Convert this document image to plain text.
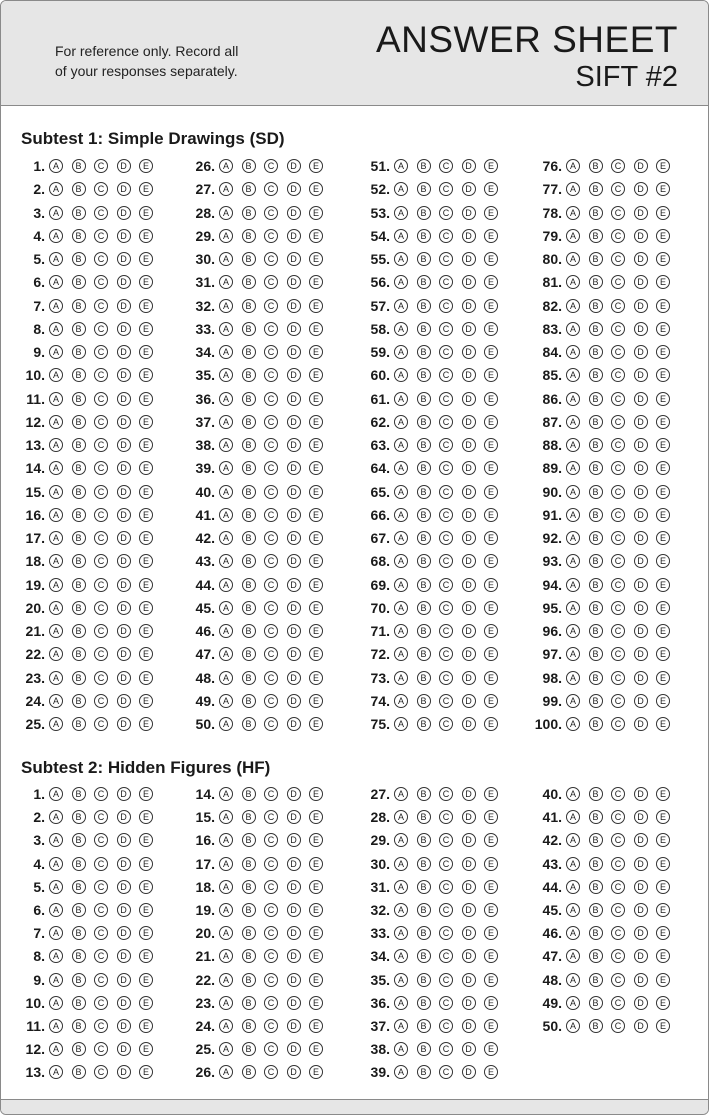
For reference only. Record all
of your responses separately.
ANSWER SHEET
SIFT #2
Subtest 1: Simple Drawings (SD)
1. A	B	C	D	E
2. A	B	C	D	E
3. A	B	C	D	E
4. A	B	C	D	E
5. A	B	C	D	E
6. A	B	C	D	E
7. A	B	C	D	E
8. A	B	C	D	E
9. A	B	C	D	E
10. A	B	C	D	E
11. A	B	C	D	E
12. A	B	C	D	E
13. A	B	C	D	E
14. A	B	C	D	E
15. A	B	C	D	E
16. A	B	C	D	E
17. A	B	C	D	E
18. A	B	C	D	E
19. A	B	C	D	E
20. A	B	C	D	E
21. A	B	C	D	E
22. A	B	C	D	E
23. A	B	C	D	E
24. A	B	C	D	E
25. A	B	C	D	E
26. A	B	C	D	E
27. A	B	C	D	E
28. A	B	C	D	E
29. A	B	C	D	E
30. A	B	C	D	E
31. A	B	C	D	E
32. A	B	C	D	E
33. A	B	C	D	E
34. A	B	C	D	E
35. A	B	C	D	E
36. A	B	C	D	E
37. A	B	C	D	E
38. A	B	C	D	E
39. A	B	C	D	E
40. A	B	C	D	E
41. A	B	C	D	E
42. A	B	C	D	E
43. A	B	C	D	E
44. A	B	C	D	E
45. A	B	C	D	E
46. A	B	C	D	E
47. A	B	C	D	E
48. A	B	C	D	E
49. A	B	C	D	E
50. A	B	C	D	E
51. A	B	C	D	E
52. A	B	C	D	E
53. A	B	C	D	E
54. A	B	C	D	E
55. A	B	C	D	E
56. A	B	C	D	E
57. A	B	C	D	E
58. A	B	C	D	E
59. A	B	C	D	E
60. A	B	C	D	E
61. A	B	C	D	E
62. A	B	C	D	E
63. A	B	C	D	E
64. A	B	C	D	E
65. A	B	C	D	E
66. A	B	C	D	E
67. A	B	C	D	E
68. A	B	C	D	E
69. A	B	C	D	E
70. A	B	C	D	E
71. A	B	C	D	E
72. A	B	C	D	E
73. A	B	C	D	E
74. A	B	C	D	E
75. A	B	C	D	E
76. A	B	C	D	E
77. A	B	C	D	E
78. A	B	C	D	E
79. A	B	C	D	E
80. A	B	C	D	E
81. A	B	C	D	E
82. A	B	C	D	E
83. A	B	C	D	E
84. A	B	C	D	E
85. A	B	C	D	E
86. A	B	C	D	E
87. A	B	C	D	E
88. A	B	C	D	E
89. A	B	C	D	E
90. A	B	C	D	E
91. A	B	C	D	E
92. A	B	C	D	E
93. A	B	C	D	E
94. A	B	C	D	E
95. A	B	C	D	E
96. A	B	C	D	E
97. A	B	C	D	E
98. A	B	C	D	E
99. A	B	C	D	E
100. A	B	C	D	E
Subtest 2: Hidden Figures (HF)
1. A	B	C	D	E
2. A	B	C	D	E
3. A	B	C	D	E
4. A	B	C	D	E
5. A	B	C	D	E
6. A	B	C	D	E
7. A	B	C	D	E
8. A	B	C	D	E
9. A	B	C	D	E
10. A	B	C	D	E
11. A	B	C	D	E
12. A	B	C	D	E
13. A	B	C	D	E
14. A	B	C	D	E
15. A	B	C	D	E
16. A	B	C	D	E
17. A	B	C	D	E
18. A	B	C	D	E
19. A	B	C	D	E
20. A	B	C	D	E
21. A	B	C	D	E
22. A	B	C	D	E
23. A	B	C	D	E
24. A	B	C	D	E
25. A	B	C	D	E
26. A	B	C	D	E
27. A	B	C	D	E
28. A	B	C	D	E
29. A	B	C	D	E
30. A	B	C	D	E
31. A	B	C	D	E
32. A	B	C	D	E
33. A	B	C	D	E
34. A	B	C	D	E
35. A	B	C	D	E
36. A	B	C	D	E
37. A	B	C	D	E
38. A	B	C	D	E
39. A	B	C	D	E
40. A	B	C	D	E
41. A	B	C	D	E
42. A	B	C	D	E
43. A	B	C	D	E
44. A	B	C	D	E
45. A	B	C	D	E
46. A	B	C	D	E
47. A	B	C	D	E
48. A	B	C	D	E
49. A	B	C	D	E
50. A	B	C	D	E
